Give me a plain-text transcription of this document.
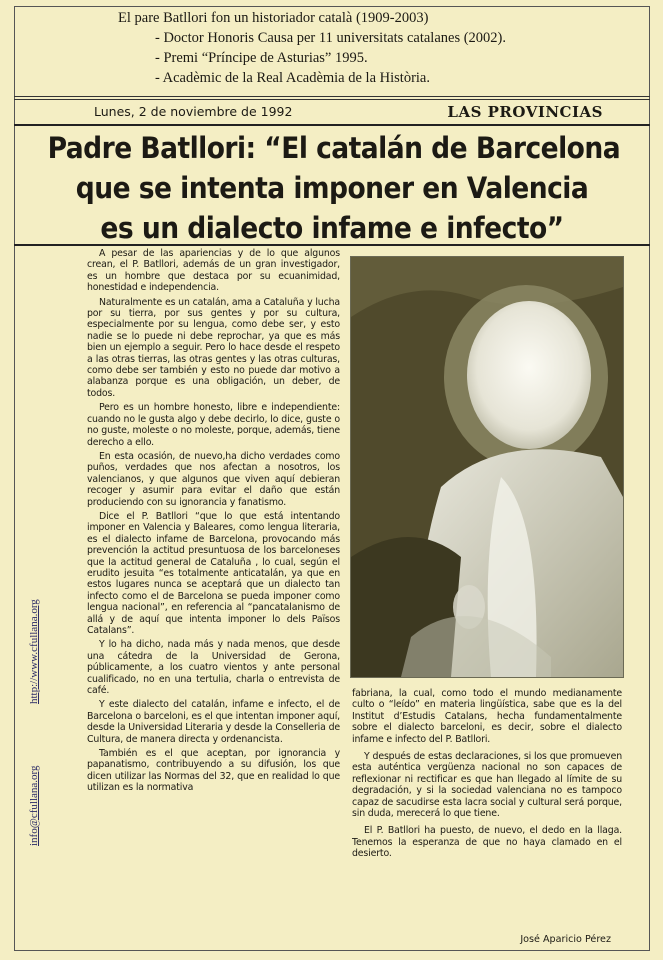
El pare Batllori fon un historiador català (1909-2003)
- Doctor Honoris Causa per 11 universitats catalanes (2002).
- Premi “Príncipe de Asturias” 1995.
- Acadèmic de la Real Acadèmia de la Història.
Lunes, 2 de noviembre de 1992	LAS PROVINCIAS
Padre Batllori: “El catalán de Barcelona
que se intenta imponer en Valencia
es un dialecto infame e infecto”
http://www.cfullana.org
info@cfullana.org

A pesar de las apariencias y de lo que algunos crean, el P. Batllori, además de un gran investigador, es un hombre que destaca por su ecuanimidad, honestidad e independencia.

Naturalmente es un catalán, ama a Cataluña y lucha por su tierra, por sus gentes y por su cultura, especialmente por su lengua, como debe ser, y esto nadie se lo puede ni debe reprochar, ya que es más bien un ejemplo a seguir. Pero lo hace desde el respeto a las otras tierras, las otras gentes y las otras culturas, como debe ser también y esto no puede dar motivo a alabanza porque es una obligación, un deber, de todos.

Pero es un hombre honesto, libre e independiente: cuando no le gusta algo y debe decirlo, lo dice, guste o no guste, moleste o no moleste, porque, además, tiene derecho a ello.

En esta ocasión, de nuevo,ha dicho verdades como puños, verdades que nos afectan a nosotros, los valencianos, y que algunos que viven aquí debieran recoger y asumir para evitar el daño que están produciendo con su ignorancia y fanatismo.

Dice el P. Batllori “que lo que está intentando imponer en Valencia y Baleares, como lengua literaria, es el dialecto infame de Barcelona, provocando más prevención la actitud presuntuosa de los barceloneses que la actitud general de Cataluña , lo cual, según el erudito jesuita “es totalmente anticatalán, ya que en estos lugares nunca se aceptará que un dialecto tan infecto como el de Barcelona se pueda imponer como lengua nacional”, en referencia al “pancatalanismo de allá y de aquí que intenta imponer lo dels Països Catalans”.

Y lo ha dicho, nada más y nada menos, que desde una cátedra de la Universidad de Gerona, públicamente, a los cuatro vientos y ante personal cualificado, no en una tertulia, charla o entrevista de café.

Y este dialecto del catalán, infame e infecto, el de Barcelona o barceloni, es el que intentan imponer aquí, desde la Universidad Literaria y desde la Conselleria de Cultura, de manera directa y ordenancista.

También es el que aceptan, por ignorancia y papanatismo, contribuyendo a su difusión, los que dicen utilizar las Normas del 32, que en realidad lo que utilizan es la normativa

fabriana, la cual, como todo el mundo medianamente culto o “leído” en materia lingüística, sabe que es la del Institut d’Estudis Catalans, hecha fundamentalmente sobre el dialecto barceloni, es decir, sobre el dialecto infame e infecto del P. Batllori.

Y después de estas declaraciones, si los que promueven esta auténtica vergüenza nacional no son capaces de reflexionar ni rectificar es que han llegado al límite de su degradación, y si la sociedad valenciana no es tampoco capaz de sacudirse esta lacra social y cultural será porque, sin duda, merecerá lo que tiene.

El P. Batllori ha puesto, de nuevo, el dedo en la llaga. Tenemos la esperanza de que no haya clamado en el desierto.

José Aparicio Pérez
